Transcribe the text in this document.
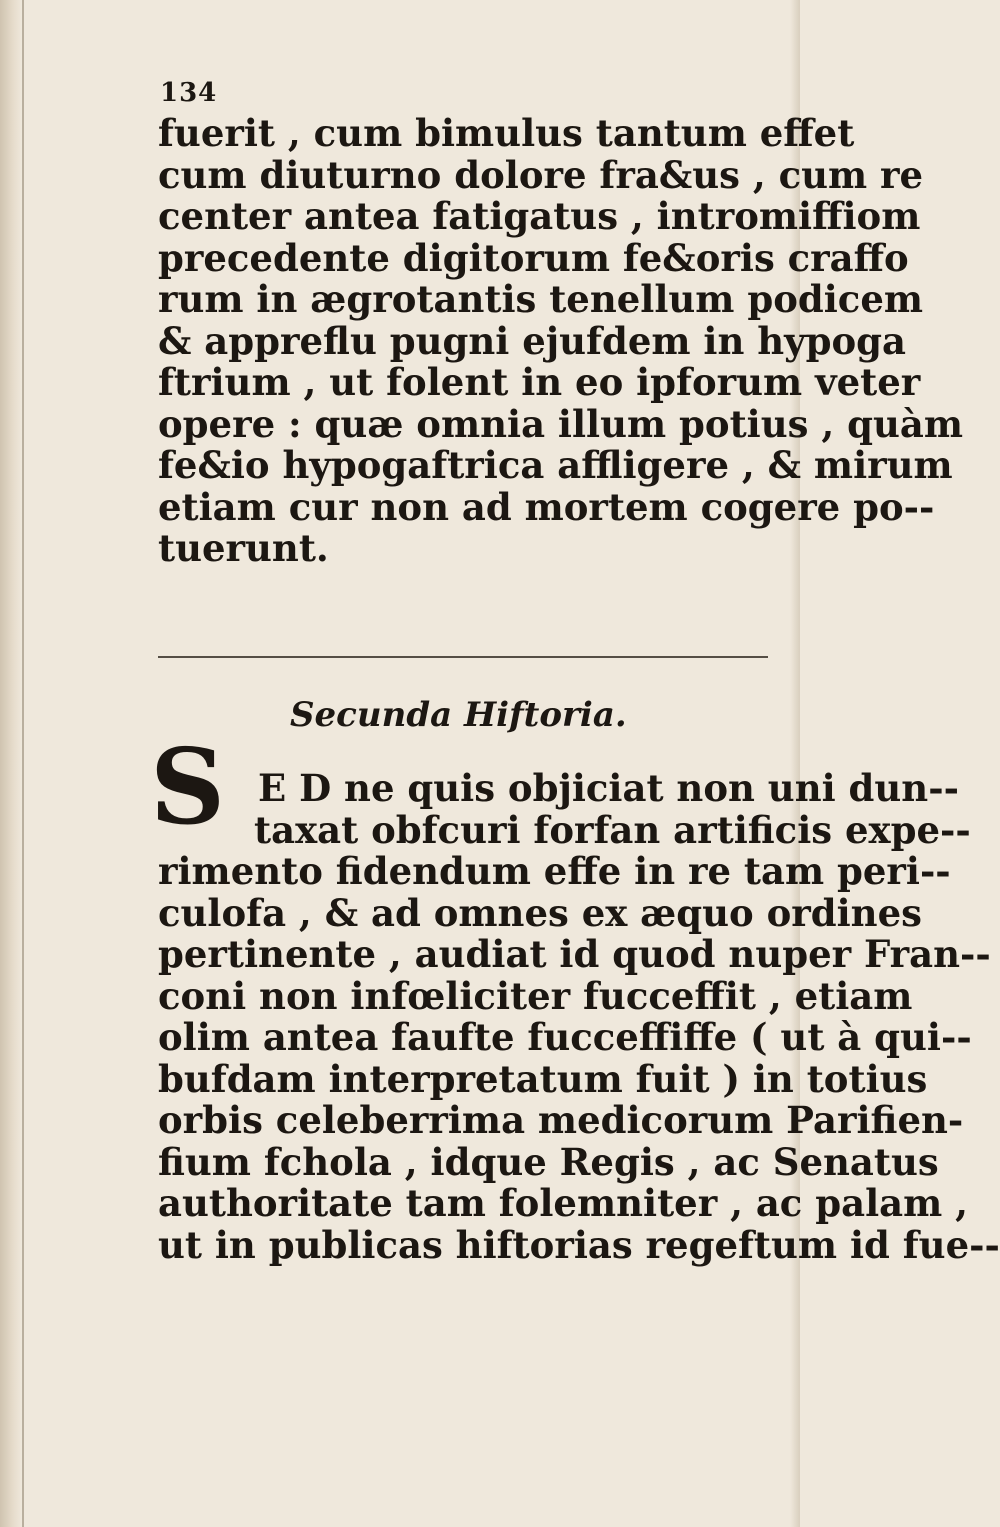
134
fuerit , cum bimulus tantum effet
cum diuturno dolore fra&us , cum re
center antea fatigatus , intromiffiom
precedente digitorum fe&oris craffo
rum in ægrotantis tenellum podicem
& appreflu pugni ejufdem in hypoga
ftrium , ut folent in eo ipforum veter
opere : quæ omnia illum potius , quàm
fe&io hypogaftrica affligere , & mirum
etiam cur non ad mortem cogere po--
tuerunt.
Secunda Hiftoria.
S E D ne quis objiciat non uni dun--
taxat obfcuri forfan artificis expe--
rimento fidendum effe in re tam peri--
culofa , & ad omnes ex æquo ordines
pertinente , audiat id quod nuper Fran--
coni non infœliciter fucceffit , etiam
olim antea faufte fucceffiffe ( ut à qui--
bufdam interpretatum fuit ) in totius
orbis celeberrima medicorum Parifien-
fium fchola , idque Regis , ac Senatus
authoritate tam folemniter , ac palam ,
ut in publicas hiftorias regeftum id fue--
